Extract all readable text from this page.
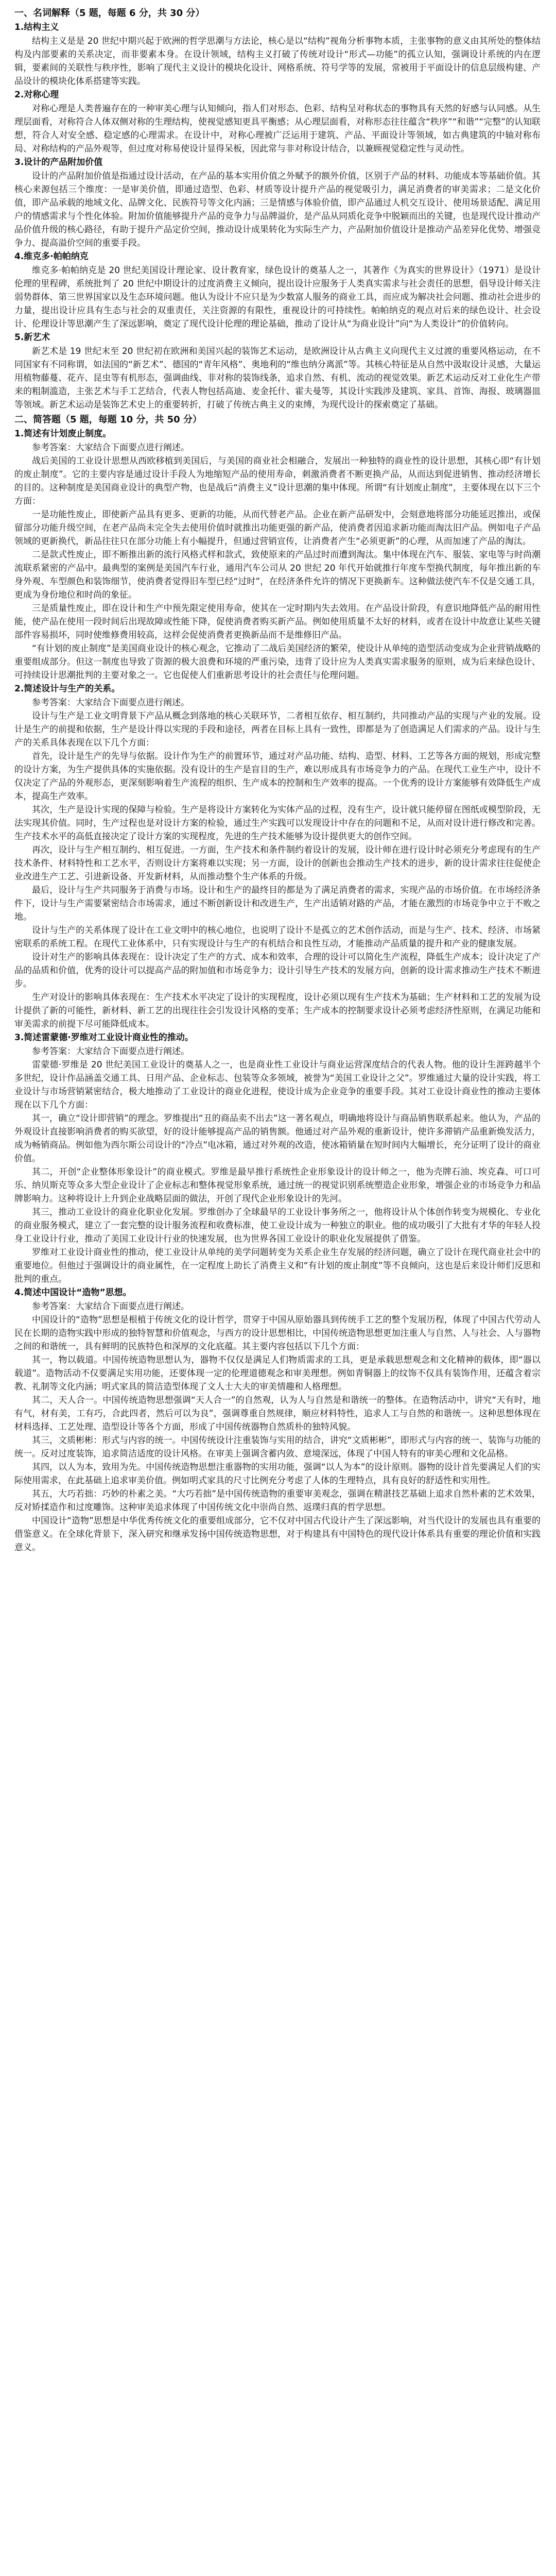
一、名词解释（5 题，每题 6 分，共 30 分）
1.结构主义

结构主义是是 20 世纪中期兴起于欧洲的哲学思潮与方法论，核心是以“结构”视角分析事物本质，主张事物的意义由其所处的整体结构及内部要素的关系决定，而非要素本身。在设计领域，结构主义打破了传统对设计“形式—功能”的孤立认知，强调设计系统的内在逻辑，要素间的关联性与秩序性，影响了现代主义设计的模块化设计、网格系统、符号学等的发展，常被用于平面设计的信息层级构建、产品设计的模块化体系搭建等实践。

2.对称心理

对称心理是人类普遍存在的一种审美心理与认知倾向，指人们对形态、色彩、结构呈对称状态的事物具有天然的好感与认同感。从生理层面看，对称符合人体双侧对称的生理结构，使视觉感知更具平衡感；从心理层面看，对称形态往往蕴含“秩序”“和谐”“完整”的认知联想，符合人对安全感、稳定感的心理需求。在设计中，对称心理被广泛运用于建筑、产品、平面设计等领域，如古典建筑的中轴对称布局、对称结构的产品外观等，但过度对称易使设计显得呆板，因此常与非对称设计结合，以兼顾视觉稳定性与灵动性。

3.设计的产品附加价值

设计的产品附加价值是指通过设计活动，在产品的基本实用价值之外赋予的额外价值，区别于产品的材料、功能成本等基础价值。其核心来源包括三个维度：一是审美价值，即通过造型、色彩、材质等设计提升产品的视觉吸引力，满足消费者的审美需求；二是文化价值，即产品承载的地域文化、品牌文化、民族符号等文化内涵；三是情感与体验价值，即产品通过人机交互设计、使用场景适配、满足用户的情感需求与个性化体验。附加价值能够提升产品的竞争力与品牌溢价，是产品从同质化竞争中脱颖而出的关键，也是现代设计推动产品价值升级的核心路径，有助于提升产品定价空间，推动设计成果转化为实际生产力，产品附加价值设计是推动产品差异化优势、增强竞争力、提高溢价空间的重要手段。

4.维克多·帕帕纳克

维克多·帕帕纳克是 20 世纪美国设计理论家、设计教育家，绿色设计的奠基人之一，其著作《为真实的世界设计》（1971）是设计伦理的里程碑，系统批判了 20 世纪中期设计的过度消费主义倾向，提出设计应服务于人类真实需求与社会责任的思想，倡导设计师关注弱势群体、第三世界国家以及生态环境问题。他认为设计不应只是为少数富人服务的商业工具，而应成为解决社会问题、推动社会进步的力量，提出设计应具有生态与社会的双重责任，关注资源的有限性，重视设计的可持续性。帕帕纳克的观点对后来的绿色设计、社会设计、伦理设计等思潮产生了深远影响，奠定了现代设计伦理的理论基础，推动了设计从“为商业设计”向“为人类设计”的价值转向。

5.新艺术

新艺术是 19 世纪末至 20 世纪初在欧洲和美国兴起的装饰艺术运动，是欧洲设计从古典主义向现代主义过渡的重要风格运动，在不同国家有不同称谓，如法国的“新艺术”、德国的“青年风格”、奥地利的“维也纳分离派”等。其核心特征是从自然中汲取设计灵感，大量运用植物藤蔓、花卉、昆虫等有机形态，强调曲线、非对称的装饰线条，追求自然、有机、流动的视觉效果。新艺术运动反对工业化生产带来的粗制滥造，主张艺术与手工艺结合，代表人物包括高迪、麦金托什、霍夫曼等，其设计实践涉及建筑、家具、首饰、海报、玻璃器皿等领域。新艺术运动是装饰艺术史上的重要转折，打破了传统古典主义的束缚，为现代设计的探索奠定了基础。

二、简答题（5 题，每题 10 分，共 50 分）
1.简述有计划废止制度。

参考答案：大家结合下面要点进行阐述。

战后美国的工业设计思想从西欧移植到美国后，与美国的商业社会相融合，发展出一种独特的商业性的设计思想，其核心即“有计划的废止制度”。它的主要内容是通过设计手段人为地缩短产品的使用寿命，刺激消费者不断更换产品，从而达到促进销售、推动经济增长的目的。这种制度是美国商业设计的典型产物，也是战后“消费主义”设计思潮的集中体现。所谓“有计划废止制度”，主要体现在以下三个方面：

一是功能性废止，即使新产品具有更多、更新的功能，从而代替老产品。企业在新产品研发中，会刻意地将部分功能延迟推出，或保留部分功能升级空间，在老产品尚未完全失去使用价值时就推出功能更强的新产品，使消费者因追求新功能而淘汰旧产品。例如电子产品领域的更新换代，新品往往只在部分功能上有小幅提升，但通过营销宣传，让消费者产生“必须更新”的心理，从而加速了产品的淘汰。

二是款式性废止，即不断推出新的流行风格式样和款式，致使原来的产品过时而遭到淘汰。集中体现在汽车、服装、家电等与时尚潮流联系紧密的产品中。最典型的案例是美国汽车行业，通用汽车公司从 20 世纪 20 年代开始就推行年度车型换代制度，每年推出新的车身外观、车型颜色和装饰细节，使消费者觉得旧车型已经“过时”，在经济条件允许的情况下更换新车。这种做法使汽车不仅是交通工具，更成为身份地位和时尚的象征。

三是质量性废止，即在设计和生产中预先限定使用寿命，使其在一定时期内失去效用。在产品设计阶段，有意识地降低产品的耐用性能，使产品在使用一段时间后出现故障或性能下降，促使消费者购买新产品。例如使用质量不太好的材料，或者在设计中故意让某些关键部件容易损坏，同时使维修费用较高，这样会促使消费者更换新品而不是维修旧产品。

“有计划的废止制度”是美国商业设计的核心观念，它推动了二战后美国经济的繁荣，使设计从单纯的造型活动变成为企业营销战略的重要组成部分。但这一制度也导致了资源的极大浪费和环境的严重污染，违背了设计应为人类真实需求服务的原则，成为后来绿色设计、可持续设计思潮批判的主要对象之一。它也促使人们重新思考设计的社会责任与伦理问题。

2.简述设计与生产的关系。

参考答案：大家结合下面要点进行阐述。

设计与生产是工业文明背景下产品从概念到落地的核心关联环节，二者相互依存、相互制约，共同推动产品的实现与产业的发展。设计是生产的前提和依据，生产是设计得以实现的手段和途径，两者在目标上具有一致性，即都是为了创造满足人们需求的产品。设计与生产的关系具体表现在以下几个方面：

首先，设计是生产的先导与依据。设计作为生产的前置环节，通过对产品功能、结构、造型、材料、工艺等各方面的规划，形成完整的设计方案，为生产提供具体的实施依据。没有设计的生产是盲目的生产，难以形成具有市场竞争力的产品。在现代工业生产中，设计不仅决定了产品的外观形态，更深刻影响着生产流程的组织、生产成本的控制和生产效率的提高。一个优秀的设计方案能够有效降低生产成本，提高生产效率。

其次，生产是设计实现的保障与检验。生产是将设计方案转化为实体产品的过程，没有生产，设计就只能停留在图纸或模型阶段，无法实现其价值。同时，生产过程也是对设计方案的检验，通过生产实践可以发现设计中存在的问题和不足，从而对设计进行修改和完善。生产技术水平的高低直接决定了设计方案的实现程度，先进的生产技术能够为设计提供更大的创作空间。

再次，设计与生产相互制约、相互促进。一方面，生产技术和条件制约着设计的发展，设计师在进行设计时必须充分考虑现有的生产技术条件、材料特性和工艺水平，否则设计方案将难以实现；另一方面，设计的创新也会推动生产技术的进步，新的设计需求往往促使企业改进生产工艺、引进新设备、开发新材料，从而推动整个生产体系的升级。

最后，设计与生产共同服务于消费与市场。设计和生产的最终目的都是为了满足消费者的需求，实现产品的市场价值。在市场经济条件下，设计与生产需要紧密结合市场需求，通过不断创新设计和改进生产，生产出适销对路的产品，才能在激烈的市场竞争中立于不败之地。

设计与生产的关系体现了设计在工业文明中的核心地位，也说明了设计不是孤立的艺术创作活动，而是与生产、技术、经济、市场紧密联系的系统工程。在现代工业体系中，只有实现设计与生产的有机结合和良性互动，才能推动产品质量的提升和产业的健康发展。

设计对生产的影响具体表现在：设计决定了生产的方式、成本和效率，合理的设计可以简化生产流程，降低生产成本；设计决定了产品的品质和价值，优秀的设计可以提高产品的附加值和市场竞争力；设计引导生产技术的发展方向，创新的设计需求推动生产技术不断进步。

生产对设计的影响具体表现在：生产技术水平决定了设计的实现程度，设计必须以现有生产技术为基础；生产材料和工艺的发展为设计提供了新的可能性，新材料、新工艺的出现往往会引发设计风格的变革；生产成本的控制要求设计必须考虑经济性原则，在满足功能和审美需求的前提下尽可能降低成本。

3.简述雷蒙德·罗维对工业设计商业性的推动。

参考答案：大家结合下面要点进行阐述。

雷蒙德·罗维是 20 世纪美国工业设计的奠基人之一，也是商业性工业设计与商业运营深度结合的代表人物。他的设计生涯跨越半个多世纪，设计作品涵盖交通工具、日用产品、企业标志、包装等众多领域，被誉为“美国工业设计之父”。罗维通过大量的设计实践，将工业设计与市场营销紧密结合，极大地推动了工业设计的商业化进程，使设计成为企业竞争的重要手段。其对工业设计商业性的推动主要体现在以下几个方面：

其一，确立“设计即营销”的理念。罗维提出“丑的商品卖不出去”这一著名观点，明确地将设计与商品销售联系起来。他认为，产品的外观设计直接影响消费者的购买欲望，好的设计能够提高产品的销售额。他通过对产品外观的重新设计，使许多滞销产品重新焕发活力，成为畅销商品。例如他为西尔斯公司设计的“冷点”电冰箱，通过对外观的改造，使冰箱销量在短时间内大幅增长，充分证明了设计的商业价值。

其二，开创“企业整体形象设计”的商业模式。罗维是最早推行系统性企业形象设计的设计师之一，他为壳牌石油、埃克森、可口可乐、纳贝斯克等众多大型企业设计了企业标志和整体视觉形象系统，通过统一的视觉识别系统塑造企业形象，增强企业的市场竞争力和品牌影响力。这种将设计上升到企业战略层面的做法，开创了现代企业形象设计的先河。

其三，推动工业设计的商业化职业化发展。罗维创办了全球最早的工业设计事务所之一，他将设计从个体创作转变为规模化、专业化的商业服务模式，建立了一套完整的设计服务流程和收费标准，使工业设计成为一种独立的职业。他的成功吸引了大批有才华的年轻人投身工业设计行业，推动了美国工业设计行业的快速发展，也为世界各国工业设计的职业化发展提供了借鉴。

罗维对工业设计商业性的推动，使工业设计从单纯的美学问题转变为关系企业生存发展的经济问题，确立了设计在现代商业社会中的重要地位。但他过于强调设计的商业属性，在一定程度上助长了消费主义和“有计划的废止制度”等不良倾向，这也是后来设计师们反思和批判的重点。

4.简述中国设计“造物”思想。

参考答案：大家结合下面要点进行阐述。

中国设计的“造物”思想是根植于传统文化的设计哲学，贯穿于中国从原始器具到传统手工艺的整个发展历程，体现了中国古代劳动人民在长期的造物实践中形成的独特智慧和价值观念，与西方的设计思想相比，中国传统造物思想更加注重人与自然、人与社会、人与器物之间的和谐统一，具有鲜明的民族特色和深厚的文化底蕴。其主要内容包括以下几个方面：

其一，物以载道。中国传统造物思想认为，器物不仅仅是满足人们物质需求的工具，更是承载思想观念和文化精神的载体，即“器以载道”。造物活动不仅要满足实用功能，还要体现一定的伦理道德观念和审美理想。例如青铜器上的纹饰不仅具有装饰作用，还蕴含着宗教、礼制等文化内涵；明式家具的简洁造型体现了文人士大夫的审美情趣和人格理想。

其二，天人合一。中国传统造物思想强调“天人合一”的自然观，认为人与自然是和谐统一的整体。在造物活动中，讲究“天有时，地有气，材有美，工有巧，合此四者，然后可以为良”，强调尊重自然规律，顺应材料特性，追求人工与自然的和谐统一。这种思想体现在材料选择、工艺处理、造型设计等各个方面，形成了中国传统器物自然质朴的独特风貌。

其三，文质彬彬：形式与内容的统一。中国传统设计注重装饰与实用的结合，讲究“文质彬彬”，即形式与内容的统一、装饰与功能的统一。反对过度装饰，追求简洁适度的设计风格。在审美上强调含蓄内敛、意境深远，体现了中国人特有的审美心理和文化品格。

其四，以人为本，致用为先。中国传统造物思想注重器物的实用功能，强调“以人为本”的设计原则。器物的设计首先要满足人们的实际使用需求，在此基础上追求审美价值。例如明式家具的尺寸比例充分考虑了人体的生理特点，具有良好的舒适性和实用性。

其五，大巧若拙：巧妙的朴素之美。“大巧若拙”是中国传统造物的重要审美观念，强调在精湛技艺基础上追求自然朴素的艺术效果，反对矫揉造作和过度雕饰。这种审美追求体现了中国传统文化中崇尚自然、返璞归真的哲学思想。

中国设计“造物”思想是中华优秀传统文化的重要组成部分，它不仅对中国古代设计产生了深远影响，对当代设计的发展也具有重要的借鉴意义。在全球化背景下，深入研究和继承发扬中国传统造物思想，对于构建具有中国特色的现代设计体系具有重要的理论价值和实践意义。
